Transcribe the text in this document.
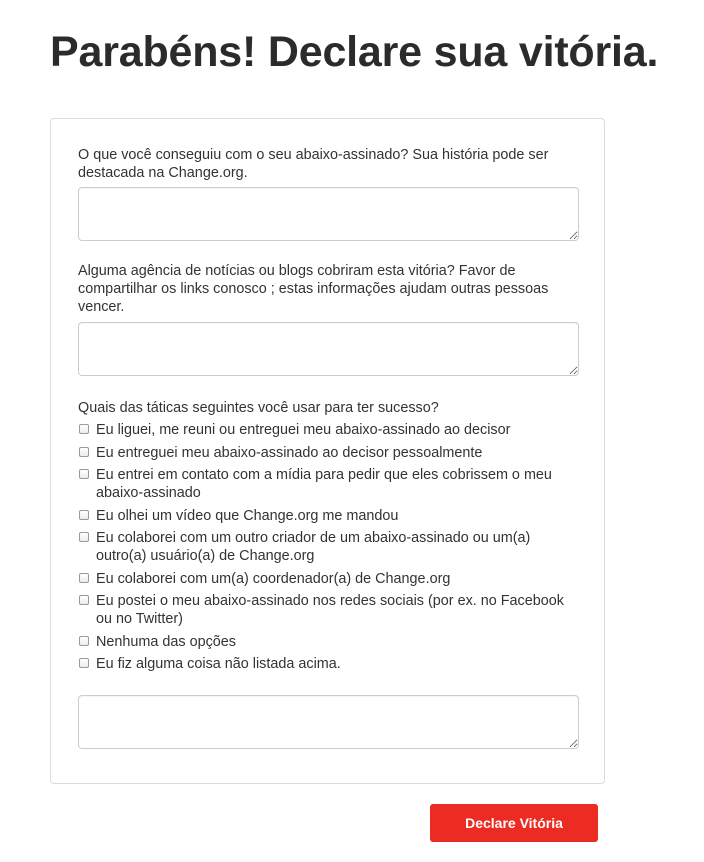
Parabéns! Declare sua vitória.

O que você conseguiu com o seu abaixo-assinado? Sua história pode ser destacada na Change.org.

Alguma agência de notícias ou blogs cobriram esta vitória? Favor de compartilhar os links conosco ; estas informações ajudam outras pessoas vencer.

Quais das táticas seguintes você usar para ter sucesso?

Eu liguei, me reuni ou entreguei meu abaixo-assinado ao decisor
Eu entreguei meu abaixo-assinado ao decisor pessoalmente
Eu entrei em contato com a mídia para pedir que eles cobrissem o meu abaixo-assinado
Eu olhei um vídeo que Change.org me mandou
Eu colaborei com um outro criador de um abaixo-assinado ou um(a) outro(a) usuário(a) de Change.org
Eu colaborei com um(a) coordenador(a) de Change.org
Eu postei o meu abaixo-assinado nos redes sociais (por ex. no Facebook ou no Twitter)
Nenhuma das opções
Eu fiz alguma coisa não listada acima.
Declare Vitória
